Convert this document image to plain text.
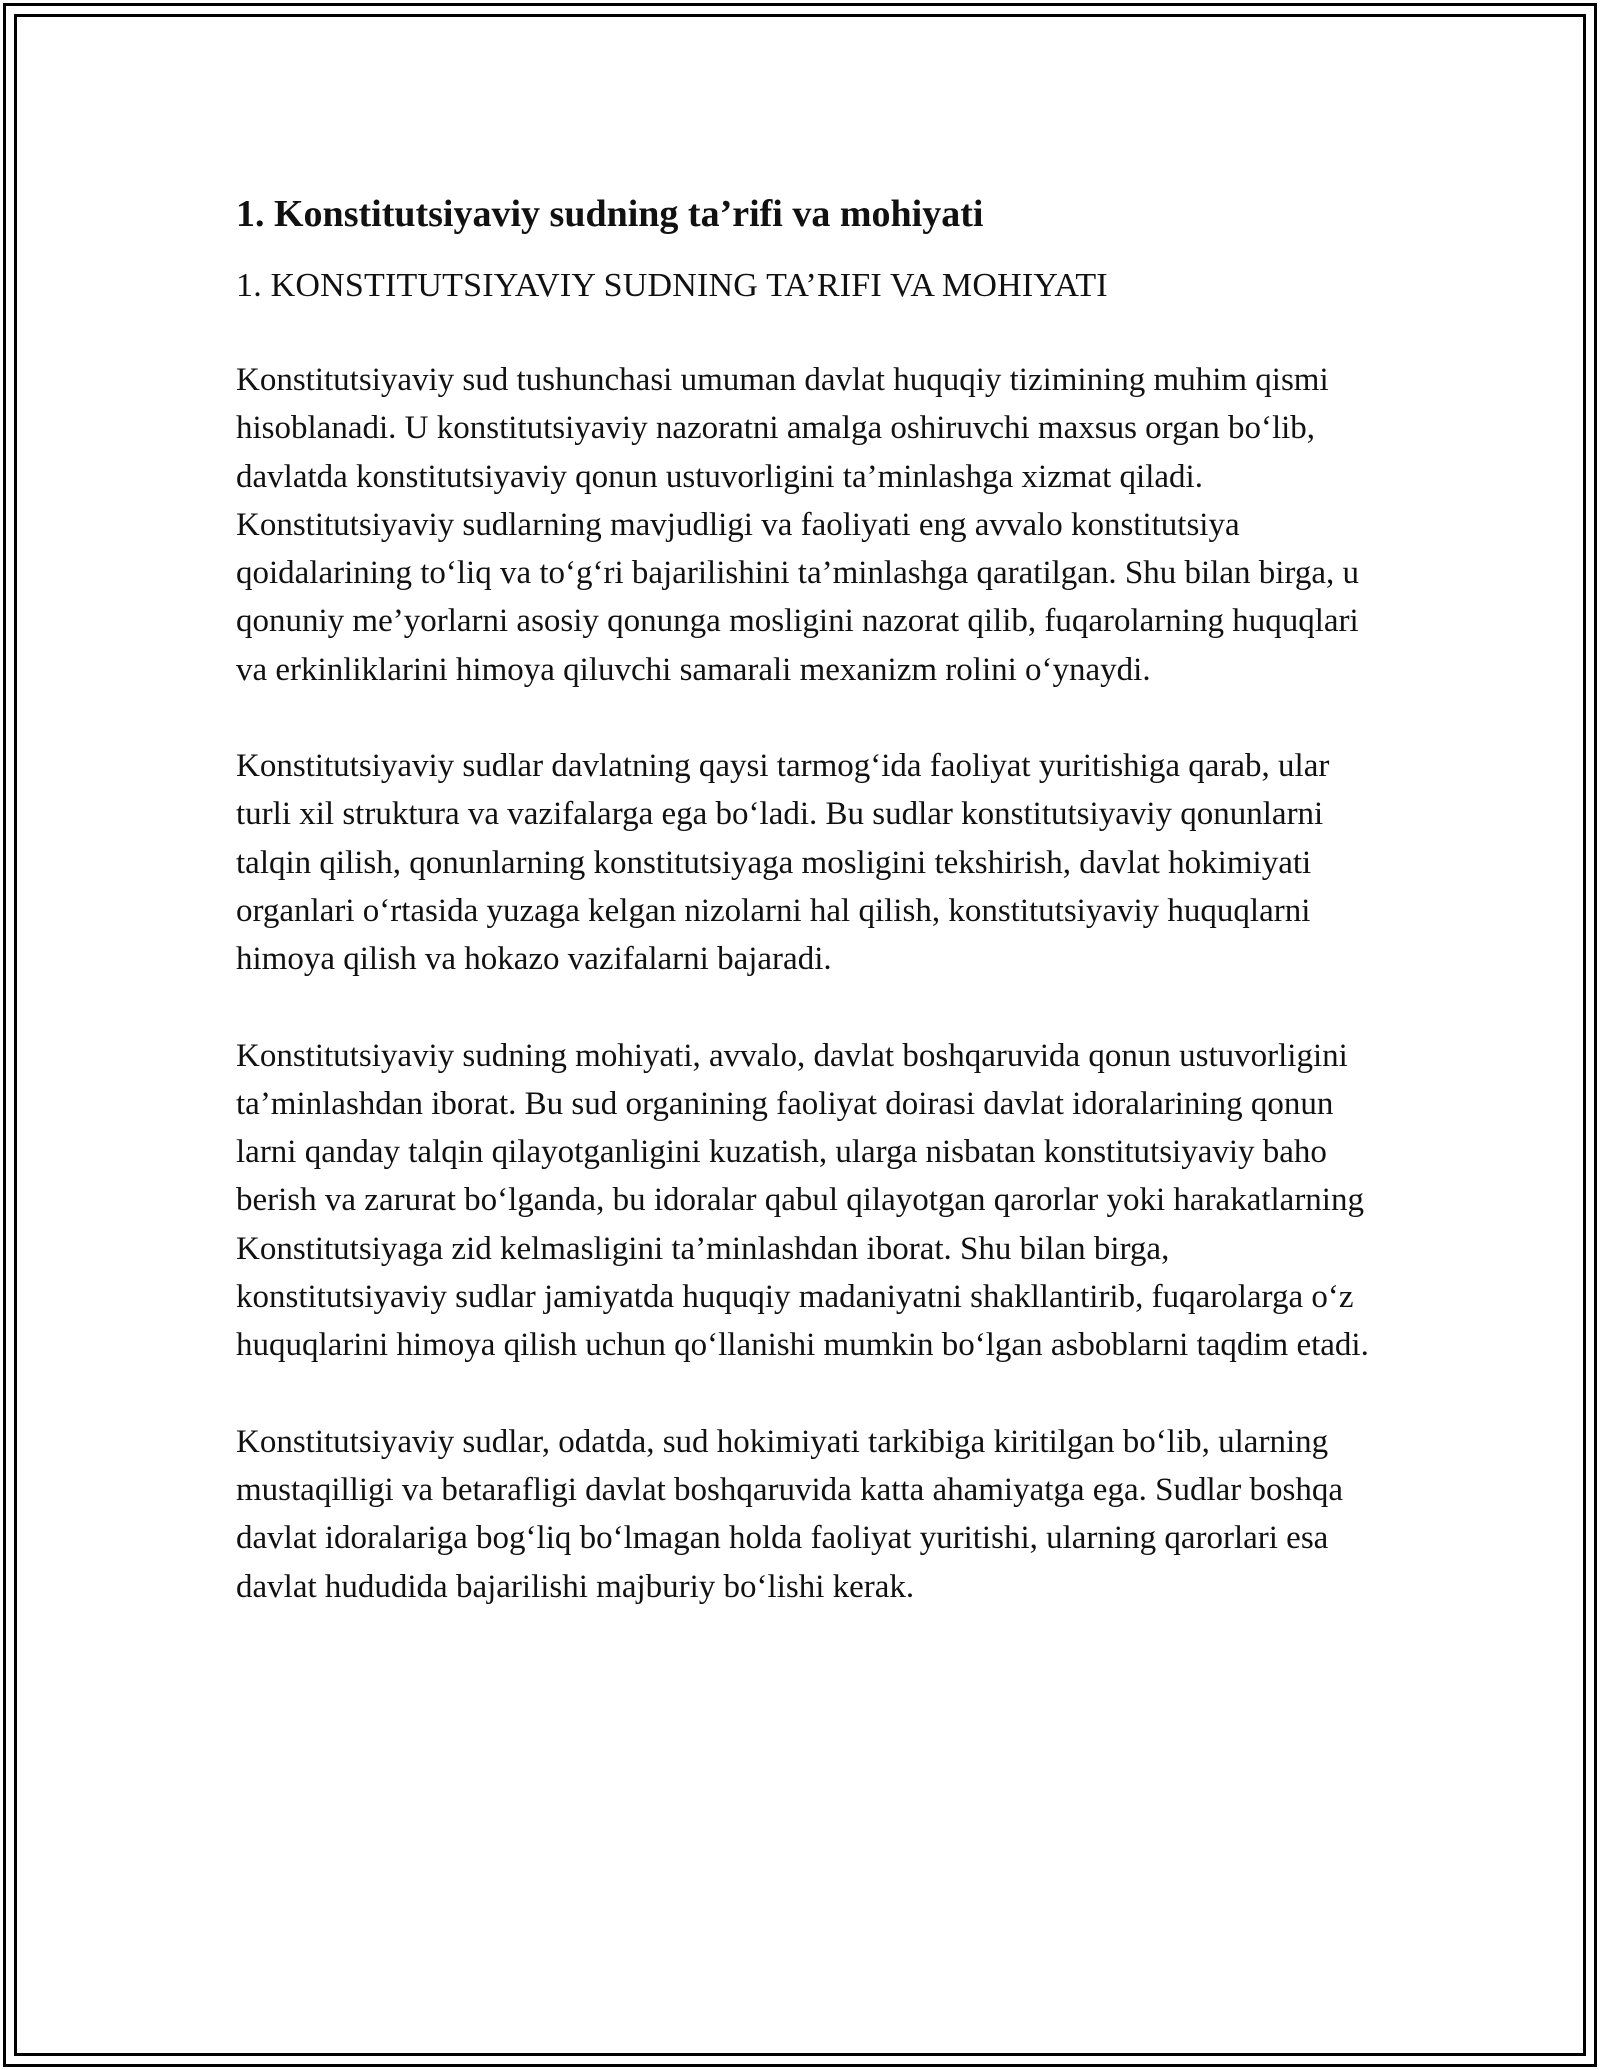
1. Konstitutsiyaviy sudning ta’rifi va mohiyati

1. KONSTITUTSIYAVIY SUDNING TA’RIFI VA MOHIYATI

Konstitutsiyaviy sud tushunchasi umuman davlat huquqiy tizimining muhim qismi hisoblanadi. U konstitutsiyaviy nazoratni amalga oshiruvchi maxsus organ bo‘lib, davlatda konstitutsiyaviy qonun ustuvorligini ta’minlashga xizmat qiladi. Konstitutsiyaviy sudlarning mavjudligi va faoliyati eng avvalo konstitutsiya qoidalarining to‘liq va to‘g‘ri bajarilishini ta’minlashga qaratilgan. Shu bilan birga, u qonuniy me’yorlarni asosiy qonunga mosligini nazorat qilib, fuqarolarning huquqlari va erkinliklarini himoya qiluvchi samarali mexanizm rolini o‘ynaydi.

Konstitutsiyaviy sudlar davlatning qaysi tarmog‘ida faoliyat yuritishiga qarab, ular turli xil struktura va vazifalarga ega bo‘ladi. Bu sudlar konstitutsiyaviy qonunlarni talqin qilish, qonunlarning konstitutsiyaga mosligini tekshirish, davlat hokimiyati organlari o‘rtasida yuzaga kelgan nizolarni hal qilish, konstitutsiyaviy huquqlarni himoya qilish va hokazo vazifalarni bajaradi.

Konstitutsiyaviy sudning mohiyati, avvalo, davlat boshqaruvida qonun ustuvorligini ta’minlashdan iborat. Bu sud organining faoliyat doirasi davlat idoralarining qonun larni qanday talqin qilayotganligini kuzatish, ularga nisbatan konstitutsiyaviy baho berish va zarurat bo‘lganda, bu idoralar qabul qilayotgan qarorlar yoki harakatlarning Konstitutsiyaga zid kelmasligini ta’minlashdan iborat. Shu bilan birga, konstitutsiyaviy sudlar jamiyatda huquqiy madaniyatni shakllantirib, fuqarolarga o‘z huquqlarini himoya qilish uchun qo‘llanishi mumkin bo‘lgan asboblarni taqdim etadi.

Konstitutsiyaviy sudlar, odatda, sud hokimiyati tarkibiga kiritilgan bo‘lib, ularning mustaqilligi va betarafligi davlat boshqaruvida katta ahamiyatga ega. Sudlar boshqa davlat idoralariga bog‘liq bo‘lmagan holda faoliyat yuritishi, ularning qarorlari esa davlat hududida bajarilishi majburiy bo‘lishi kerak.
